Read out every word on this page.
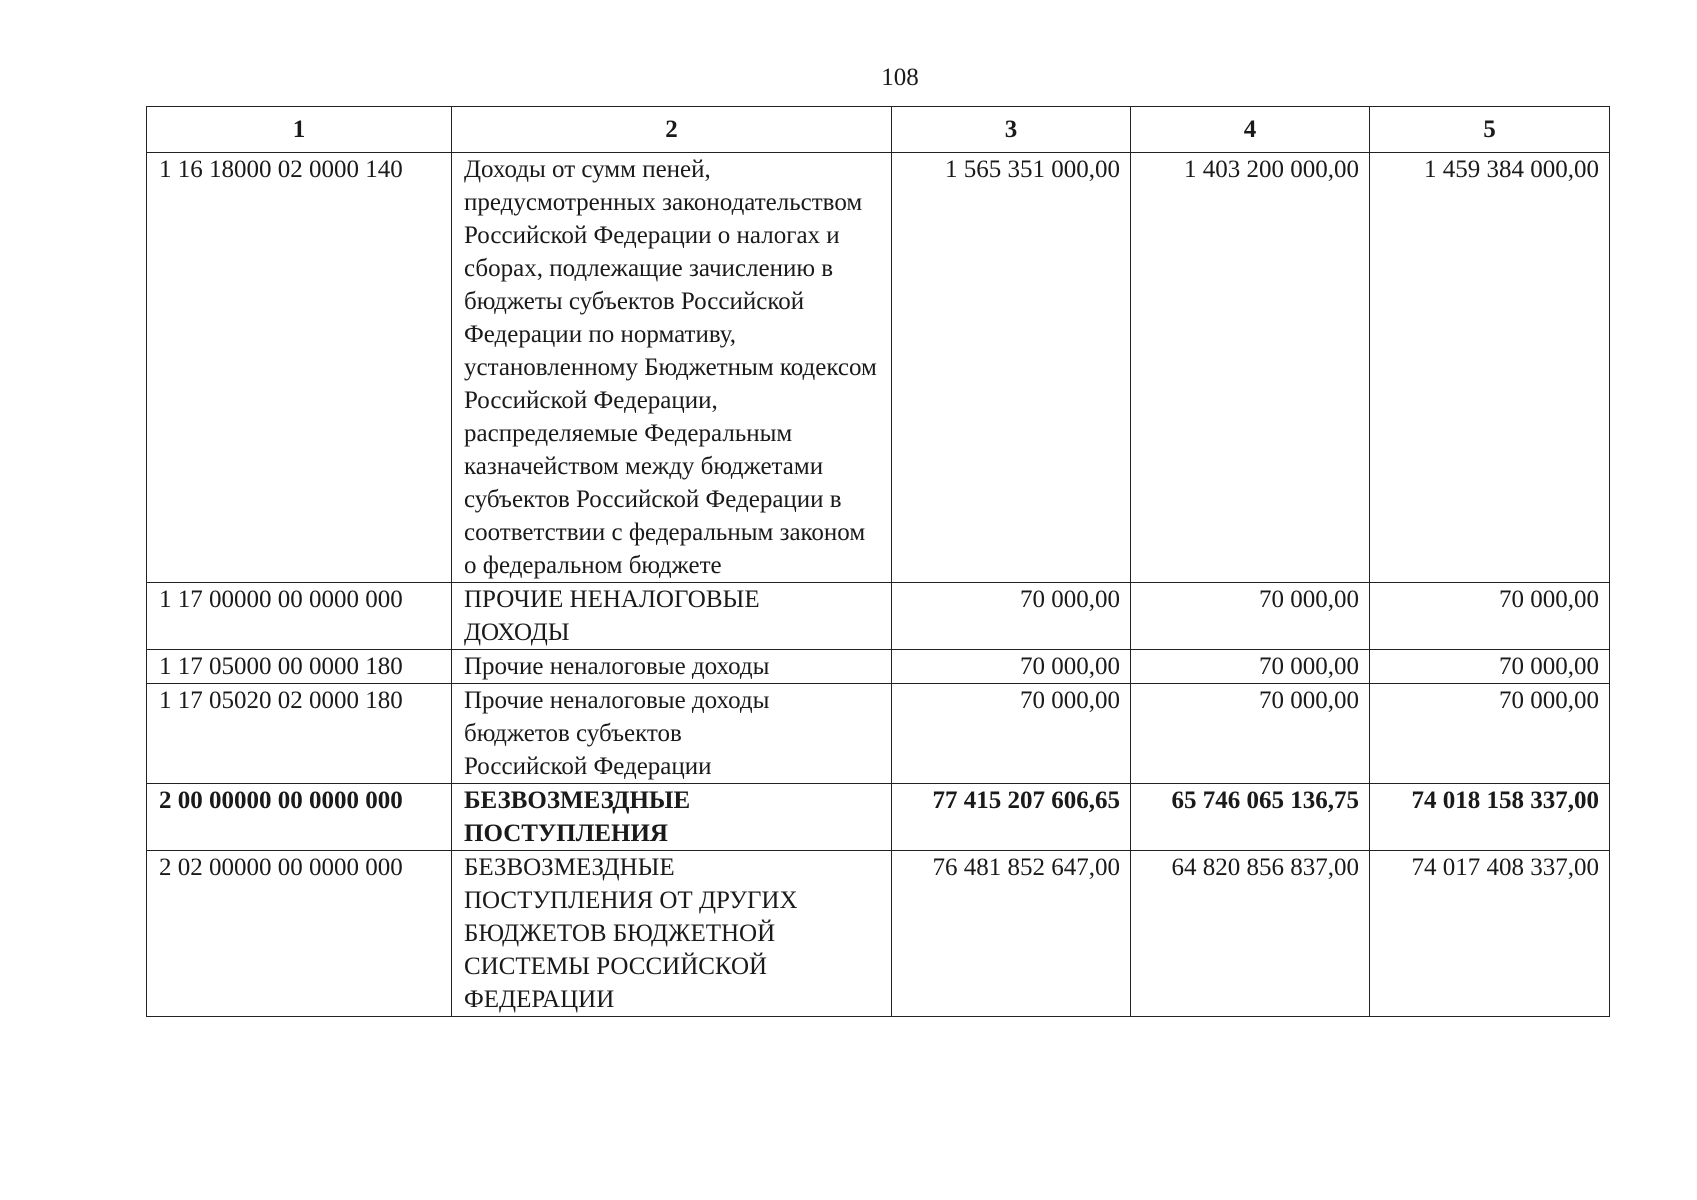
108
1	2	3	4	5
1 16 18000 02 0000 140	Доходы от сумм пеней, предусмотренных законодательством Российской Федерации о налогах и сборах, подлежащие зачислению в бюджеты субъектов Российской Федерации по нормативу, установленному Бюджетным кодексом Российской Федерации, распределяемые Федеральным казначейством между бюджетами субъектов Российской Федерации в соответствии с федеральным законом о федеральном бюджете	1 565 351 000,00	1 403 200 000,00	1 459 384 000,00
1 17 00000 00 0000 000	ПРОЧИЕ НЕНАЛОГОВЫЕ ДОХОДЫ	70 000,00	70 000,00	70 000,00
1 17 05000 00 0000 180	Прочие неналоговые доходы	70 000,00	70 000,00	70 000,00
1 17 05020 02 0000 180	Прочие неналоговые доходы бюджетов субъектов Российской Федерации	70 000,00	70 000,00	70 000,00
2 00 00000 00 0000 000	БЕЗВОЗМЕЗДНЫЕ ПОСТУПЛЕНИЯ	77 415 207 606,65	65 746 065 136,75	74 018 158 337,00
2 02 00000 00 0000 000	БЕЗВОЗМЕЗДНЫЕ ПОСТУПЛЕНИЯ ОТ ДРУГИХ БЮДЖЕТОВ БЮДЖЕТНОЙ СИСТЕМЫ РОССИЙСКОЙ ФЕДЕРАЦИИ	76 481 852 647,00	64 820 856 837,00	74 017 408 337,00
